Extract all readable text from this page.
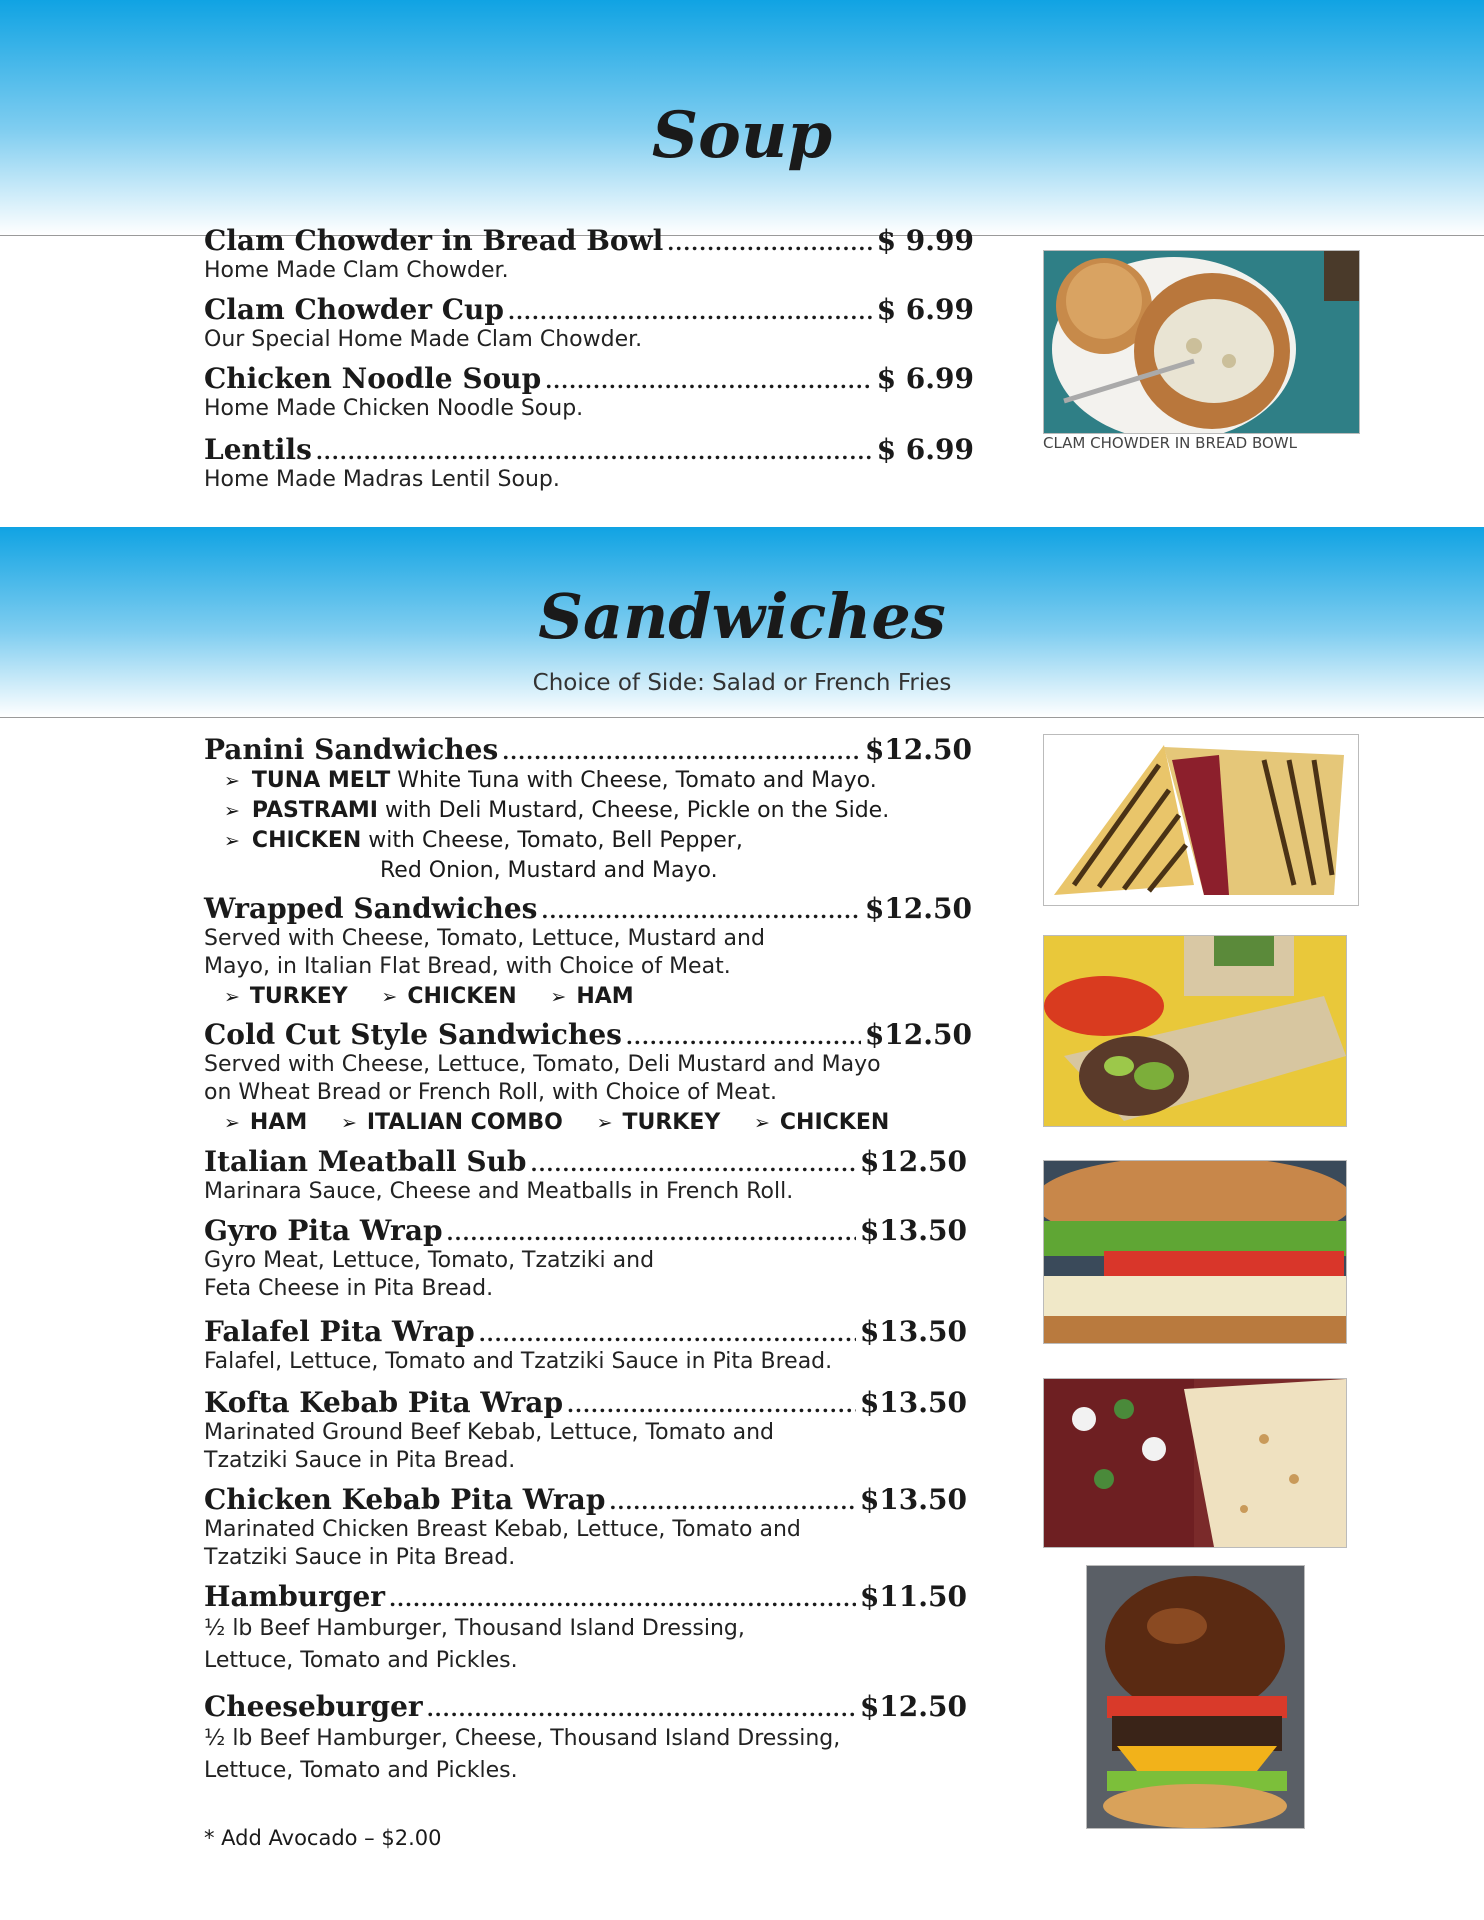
Soup
Clam Chowder in Bread Bowl .....	$ 9.99
Home Made Clam Chowder.
Clam Chowder Cup .....	$ 6.99
Our Special Home Made Clam Chowder.
Chicken Noodle Soup .....	$ 6.99
Home Made Chicken Noodle Soup.
Lentils .....	$ 6.99
Home Made Madras Lentil Soup.
CLAM CHOWDER IN BREAD BOWL
Sandwiches
Choice of Side: Salad or French Fries
Panini Sandwiches .....	$12.50
➢ TUNA MELT White Tuna with Cheese, Tomato and Mayo.
➢ PASTRAMI with Deli Mustard, Cheese, Pickle on the Side.
➢ CHICKEN with Cheese, Tomato, Bell Pepper,
Red Onion, Mustard and Mayo.
Wrapped Sandwiches .....	$12.50
Served with Cheese, Tomato, Lettuce, Mustard and
Mayo, in Italian Flat Bread, with Choice of Meat.
➢ TURKEY ➢ CHICKEN ➢ HAM
Cold Cut Style Sandwiches .....	$12.50
Served with Cheese, Lettuce, Tomato, Deli Mustard and Mayo
on Wheat Bread or French Roll, with Choice of Meat.
➢ HAM ➢ ITALIAN COMBO ➢ TURKEY ➢ CHICKEN
Italian Meatball Sub .....	$12.50
Marinara Sauce, Cheese and Meatballs in French Roll.
Gyro Pita Wrap .....	$13.50
Gyro Meat, Lettuce, Tomato, Tzatziki and
Feta Cheese in Pita Bread.
Falafel Pita Wrap .....	$13.50
Falafel, Lettuce, Tomato and Tzatziki Sauce in Pita Bread.
Kofta Kebab Pita Wrap .....	$13.50
Marinated Ground Beef Kebab, Lettuce, Tomato and
Tzatziki Sauce in Pita Bread.
Chicken Kebab Pita Wrap .....	$13.50
Marinated Chicken Breast Kebab, Lettuce, Tomato and
Tzatziki Sauce in Pita Bread.
Hamburger .....	$11.50
½ lb Beef Hamburger, Thousand Island Dressing,
Lettuce, Tomato and Pickles.
Cheeseburger .....	$12.50
½ lb Beef Hamburger, Cheese, Thousand Island Dressing,
Lettuce, Tomato and Pickles.
* Add Avocado – $2.00
